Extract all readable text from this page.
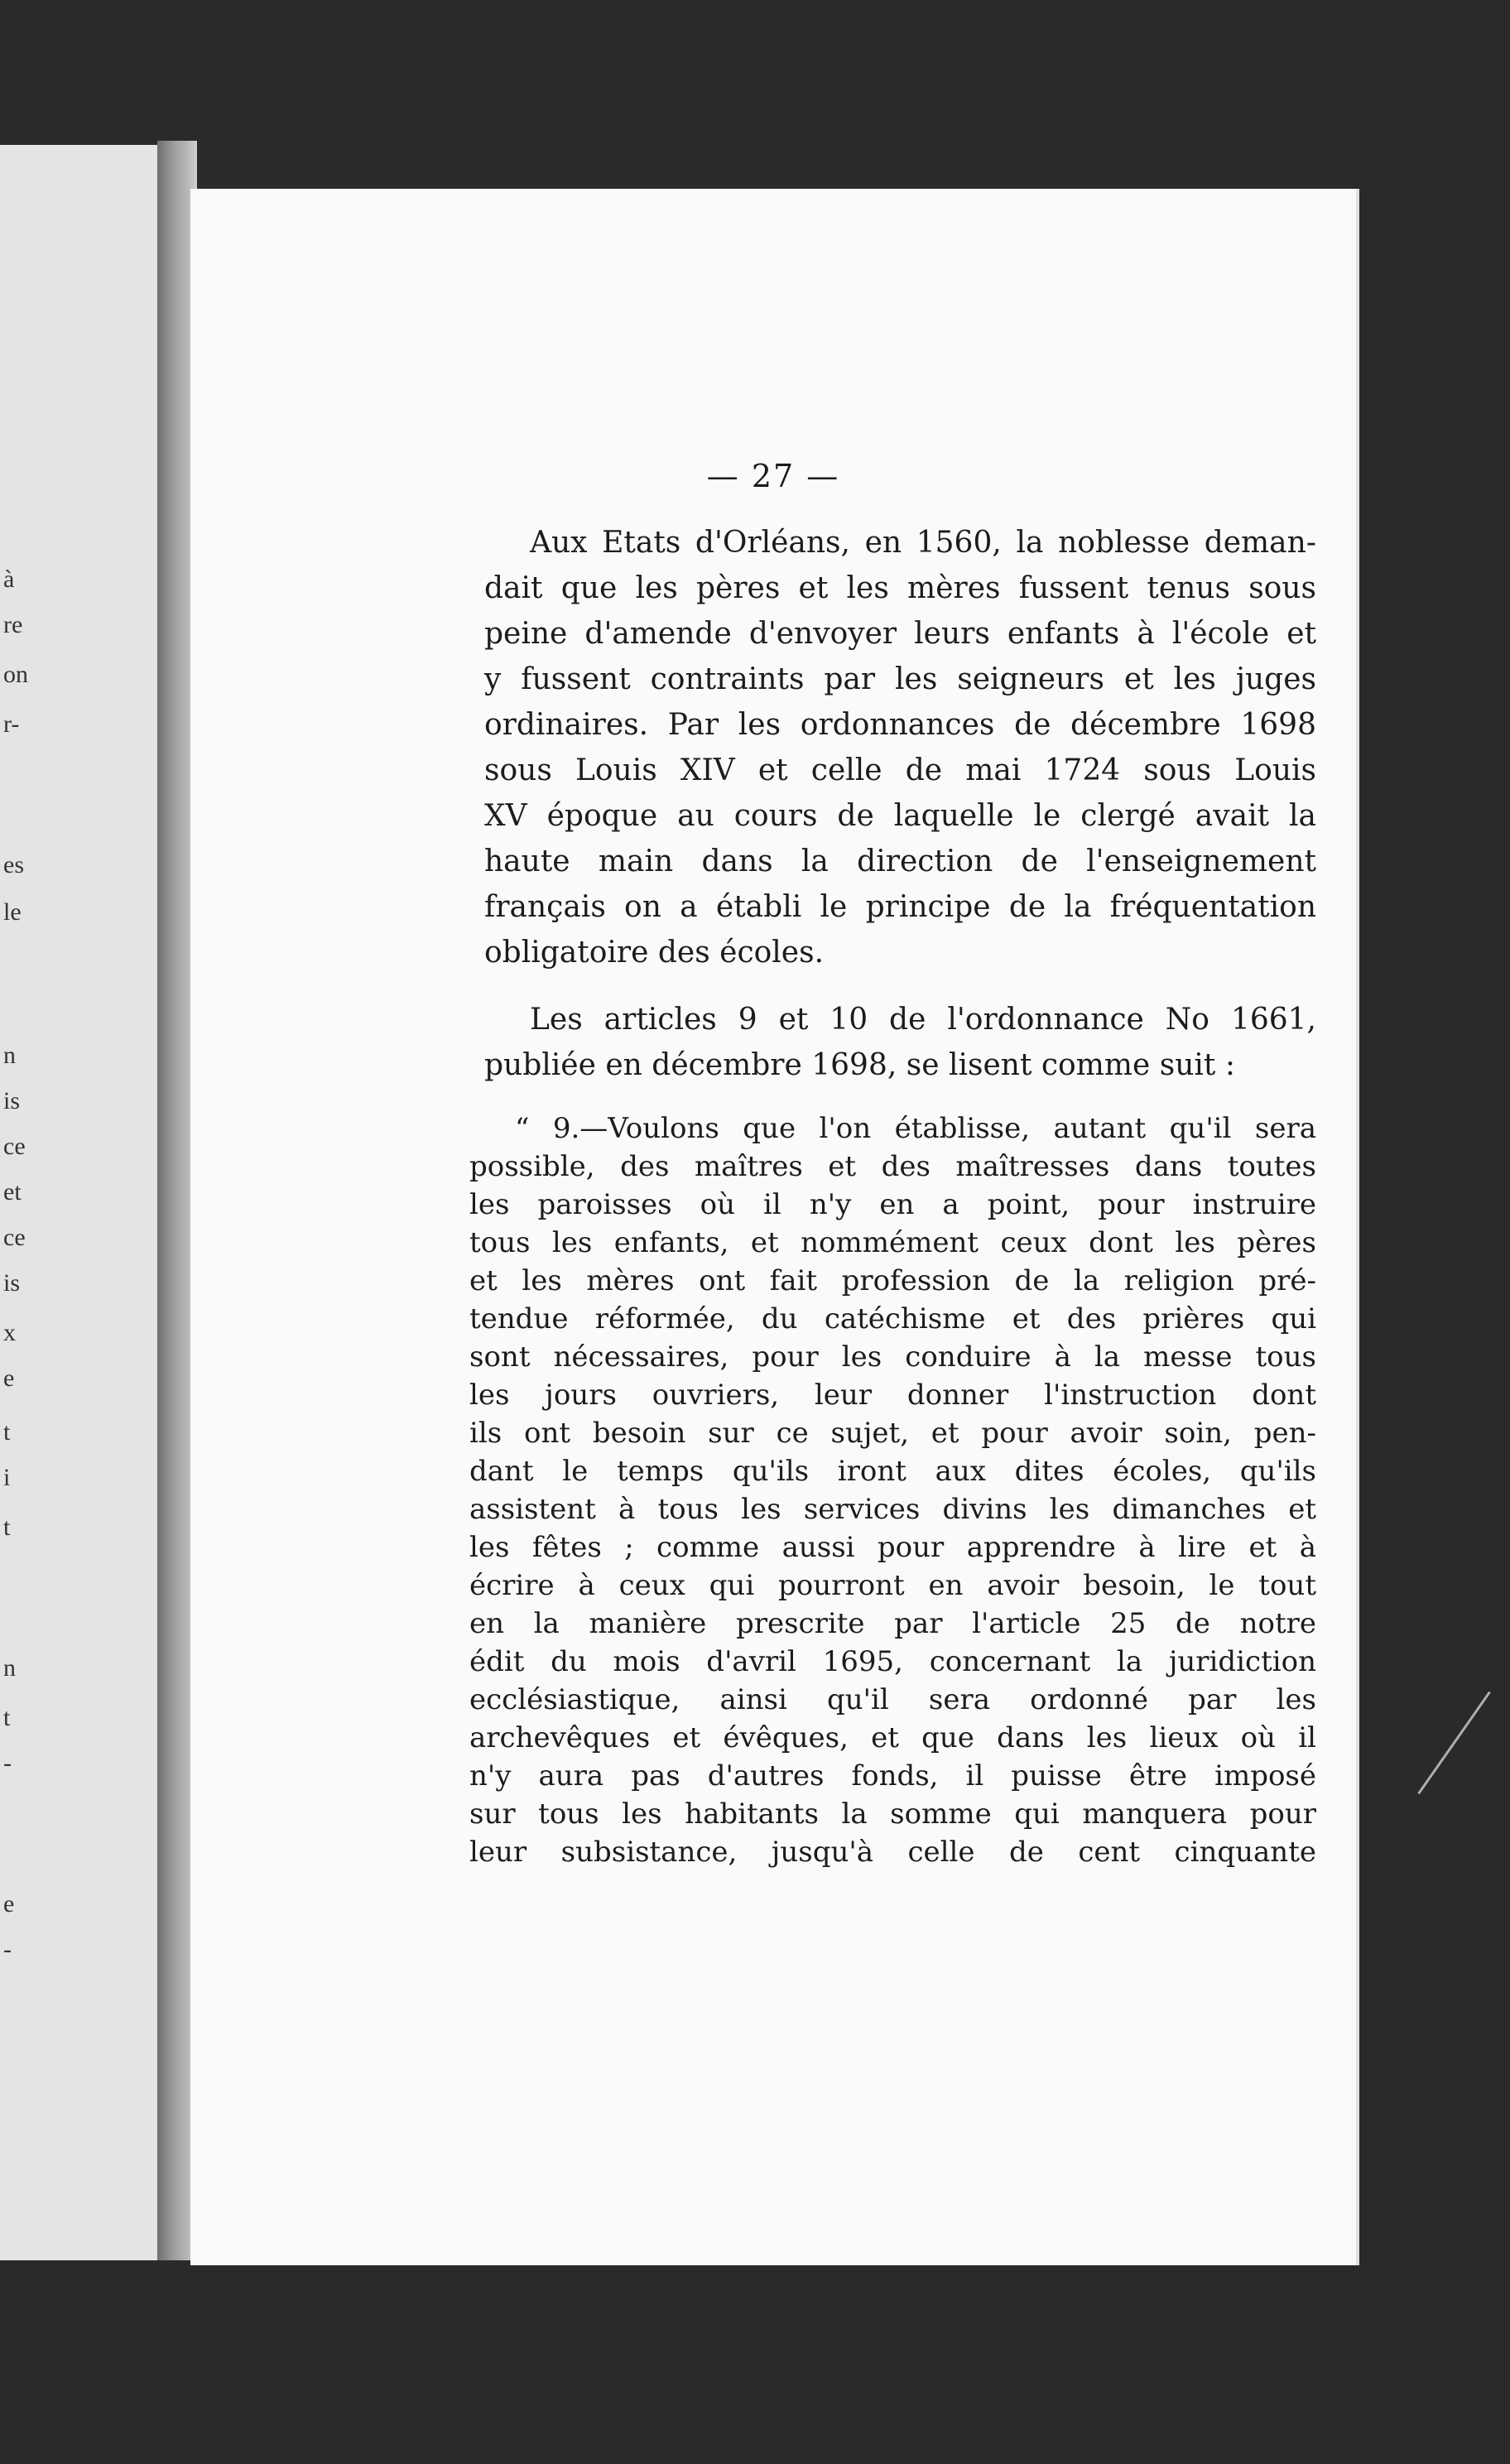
à
re
on
r-
es
le
n
is
ce
et
ce
is
x
e
t
i
t
n
t
-
e
-
— 27 —
Aux Etats d'Orléans, en 1560, la noblesse deman-
dait que les pères et les mères fussent tenus sous
peine d'amende d'envoyer leurs enfants à l'école et
y fussent contraints par les seigneurs et les juges
ordinaires. Par les ordonnances de décembre 1698
sous Louis XIV et celle de mai 1724 sous Louis
XV époque au cours de laquelle le clergé avait la
haute main dans la direction de l'enseignement
français on a établi le principe de la fréquentation
obligatoire des écoles.
Les articles 9 et 10 de l'ordonnance No 1661,
publiée en décembre 1698, se lisent comme suit :
“ 9.—Voulons que l'on établisse, autant qu'il sera
possible, des maîtres et des maîtresses dans toutes
les paroisses où il n'y en a point, pour instruire
tous les enfants, et nommément ceux dont les pères
et les mères ont fait profession de la religion pré-
tendue réformée, du catéchisme et des prières qui
sont nécessaires, pour les conduire à la messe tous
les jours ouvriers, leur donner l'instruction dont
ils ont besoin sur ce sujet, et pour avoir soin, pen-
dant le temps qu'ils iront aux dites écoles, qu'ils
assistent à tous les services divins les dimanches et
les fêtes ; comme aussi pour apprendre à lire et à
écrire à ceux qui pourront en avoir besoin, le tout
en la manière prescrite par l'article 25 de notre
édit du mois d'avril 1695, concernant la juridiction
ecclésiastique, ainsi qu'il sera ordonné par les
archevêques et évêques, et que dans les lieux où il
n'y aura pas d'autres fonds, il puisse être imposé
sur tous les habitants la somme qui manquera pour
leur subsistance, jusqu'à celle de cent cinquante
